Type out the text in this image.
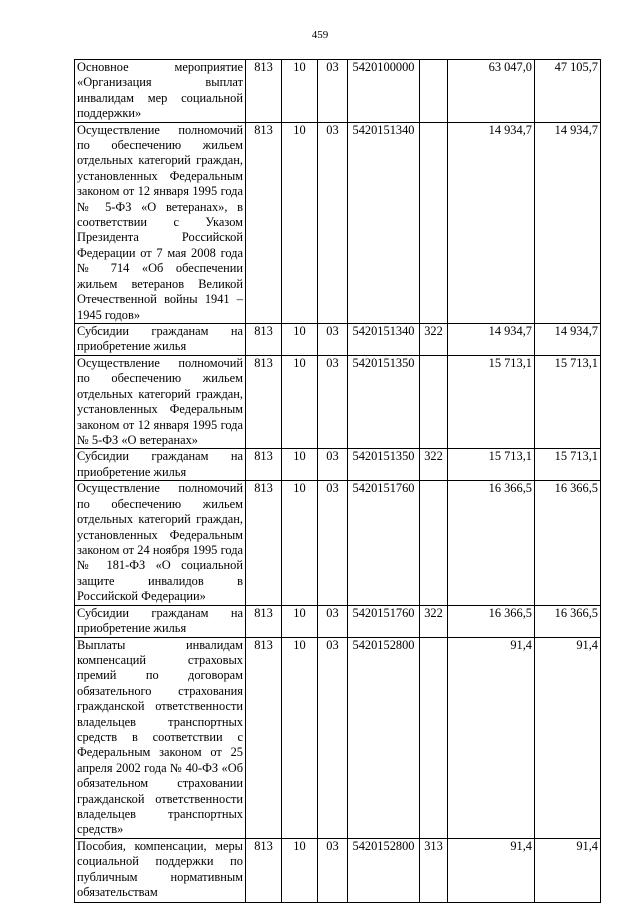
459
Основное мероприятие «Организация выплат инвалидам мер социальной поддержки»	813	10	03	5420100000		63 047,0	47 105,7
Осуществление полномочий по обеспечению жильем отдельных категорий граждан, установленных Федеральным законом от 12 января 1995 года № 5-ФЗ «О ветеранах», в соответствии с Указом Президента Российской Федерации от 7 мая 2008 года № 714 «Об обеспечении жильем ветеранов Великой Отечественной войны 1941 – 1945 годов»	813	10	03	5420151340		14 934,7	14 934,7
Субсидии гражданам на приобретение жилья	813	10	03	5420151340	322	14 934,7	14 934,7
Осуществление полномочий по обеспечению жильем отдельных категорий граждан, установленных Федеральным законом от 12 января 1995 года № 5-ФЗ «О ветеранах»	813	10	03	5420151350		15 713,1	15 713,1
Субсидии гражданам на приобретение жилья	813	10	03	5420151350	322	15 713,1	15 713,1
Осуществление полномочий по обеспечению жильем отдельных категорий граждан, установленных Федеральным законом от 24 ноября 1995 года № 181-ФЗ «О социальной защите инвалидов в Российской Федерации»	813	10	03	5420151760		16 366,5	16 366,5
Субсидии гражданам на приобретение жилья	813	10	03	5420151760	322	16 366,5	16 366,5
Выплаты инвалидам компенсаций страховых премий по договорам обязательного страхования гражданской ответственности владельцев транспортных средств в соответствии с Федеральным законом от 25 апреля 2002 года № 40-ФЗ «Об обязательном страховании гражданской ответственности владельцев транспортных средств»	813	10	03	5420152800		91,4	91,4
Пособия, компенсации, меры социальной поддержки по публичным нормативным обязательствам	813	10	03	5420152800	313	91,4	91,4
